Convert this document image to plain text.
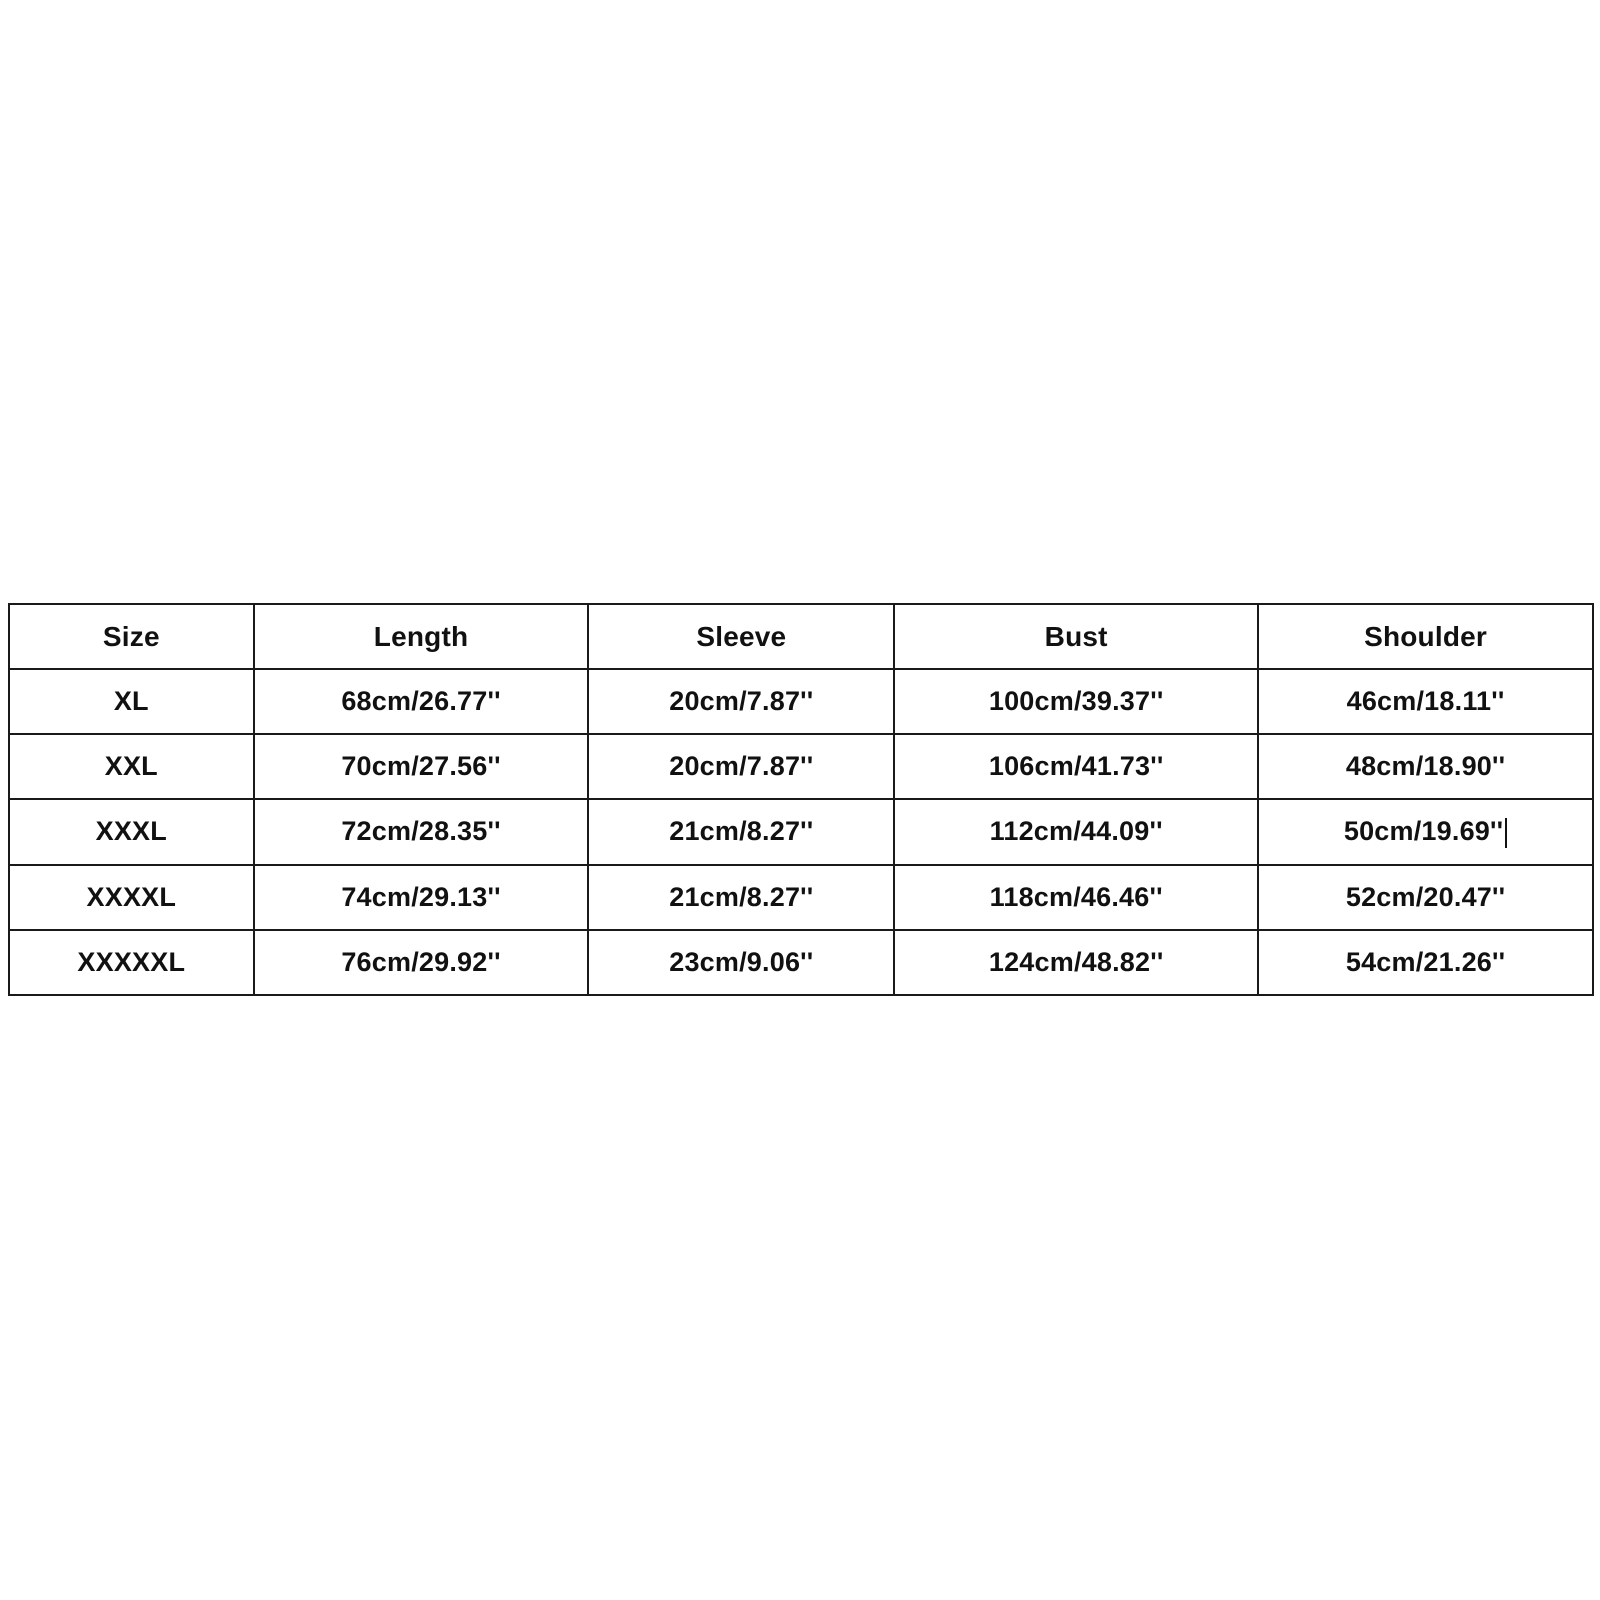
Size	Length	Sleeve	Bust	Shoulder
XL	68cm/26.77''	20cm/7.87''	100cm/39.37''	46cm/18.11''
XXL	70cm/27.56''	20cm/7.87''	106cm/41.73''	48cm/18.90''
XXXL	72cm/28.35''	21cm/8.27''	112cm/44.09''	50cm/19.69''
XXXXL	74cm/29.13''	21cm/8.27''	118cm/46.46''	52cm/20.47''
XXXXXL	76cm/29.92''	23cm/9.06''	124cm/48.82''	54cm/21.26''
